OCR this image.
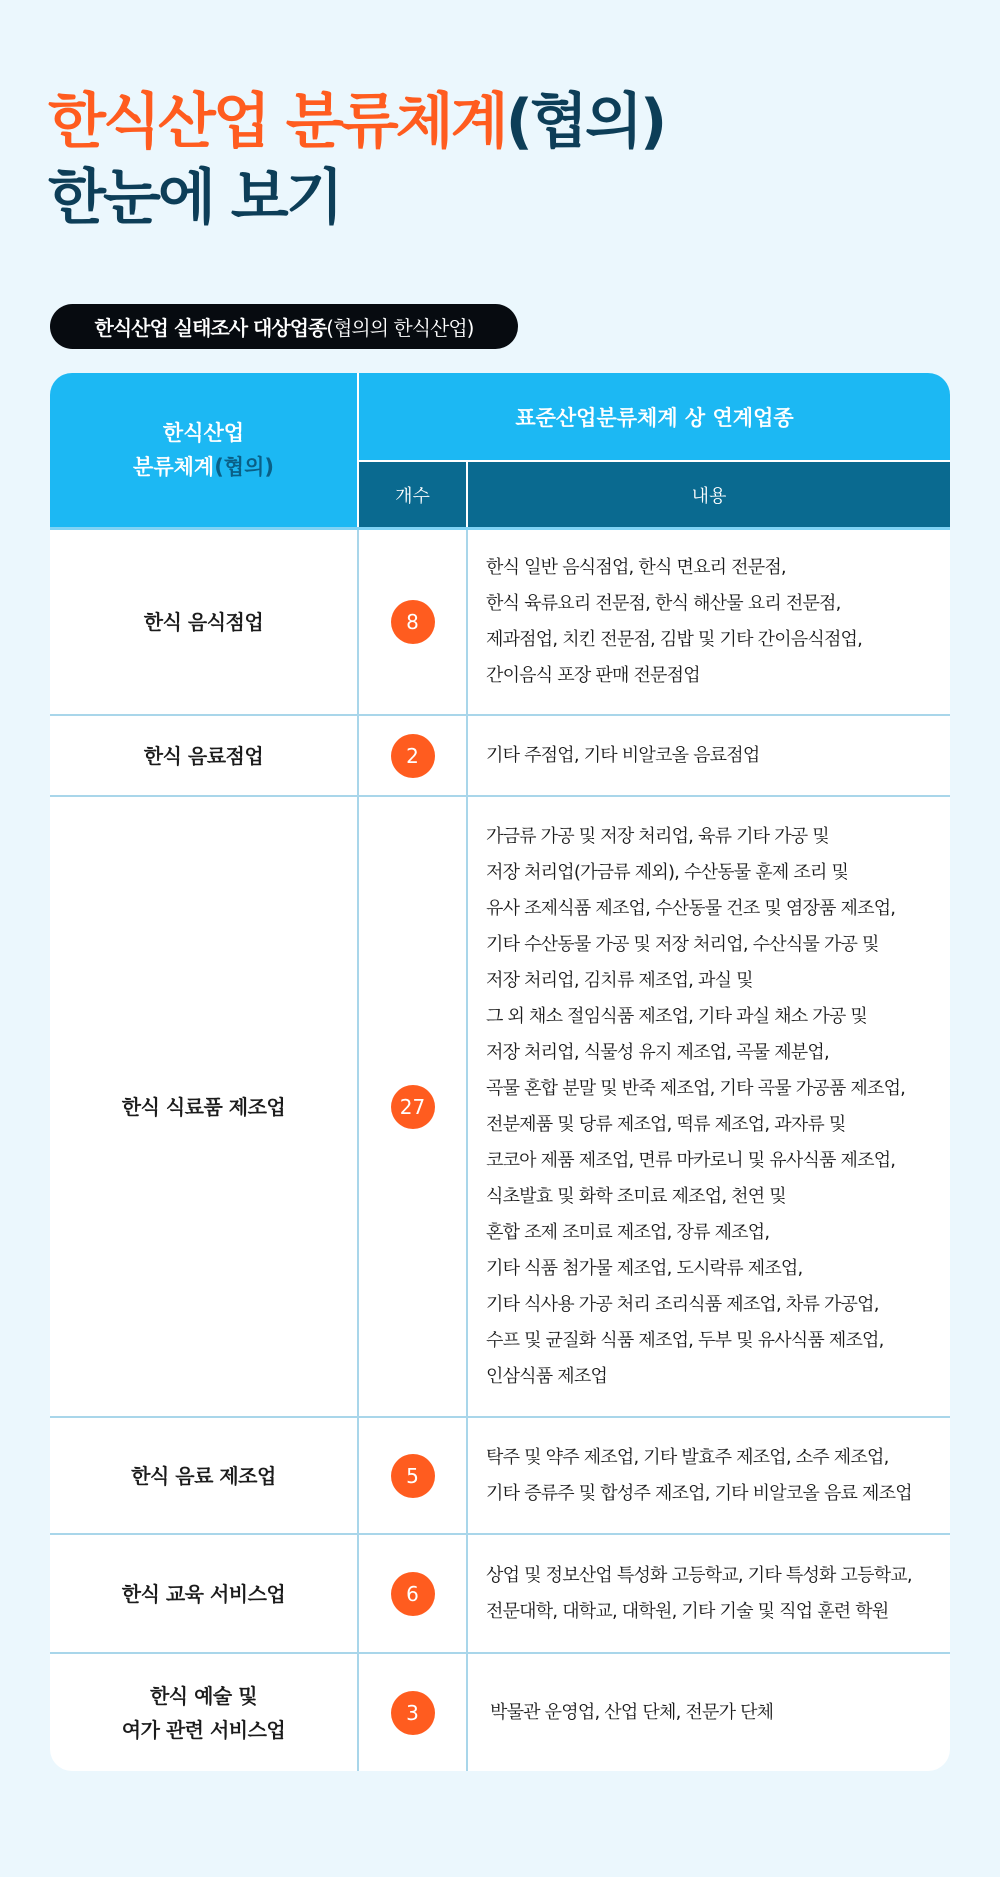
한식산업 분류체계(협의)
한눈에 보기
한식산업 실태조사 대상업종 (협의의 한식산업)
한식산업
분류체계(협의)
표준산업분류체계 상 연계업종
개수	내용
한식 음식점업	8
한식 일반 음식점업, 한식 면요리 전문점,
한식 육류요리 전문점, 한식 해산물 요리 전문점,
제과점업, 치킨 전문점, 김밥 및 기타 간이음식점업,
간이음식 포장 판매 전문점업
한식 음료점업	2	기타 주점업, 기타 비알코올 음료점업
한식 식료품 제조업	27
가금류 가공 및 저장 처리업, 육류 기타 가공 및
저장 처리업(가금류 제외), 수산동물 훈제 조리 및
유사 조제식품 제조업, 수산동물 건조 및 염장품 제조업,
기타 수산동물 가공 및 저장 처리업, 수산식물 가공 및
저장 처리업, 김치류 제조업, 과실 및
그 외 채소 절임식품 제조업, 기타 과실 채소 가공 및
저장 처리업, 식물성 유지 제조업, 곡물 제분업,
곡물 혼합 분말 및 반죽 제조업, 기타 곡물 가공품 제조업,
전분제품 및 당류 제조업, 떡류 제조업, 과자류 및
코코아 제품 제조업, 면류 마카로니 및 유사식품 제조업,
식초발효 및 화학 조미료 제조업, 천연 및
혼합 조제 조미료 제조업, 장류 제조업,
기타 식품 첨가물 제조업, 도시락류 제조업,
기타 식사용 가공 처리 조리식품 제조업, 차류 가공업,
수프 및 균질화 식품 제조업, 두부 및 유사식품 제조업,
인삼식품 제조업
한식 음료 제조업	5
탁주 및 약주 제조업, 기타 발효주 제조업, 소주 제조업,
기타 증류주 및 합성주 제조업, 기타 비알코올 음료 제조업
한식 교육 서비스업	6
상업 및 정보산업 특성화 고등학교, 기타 특성화 고등학교,
전문대학, 대학교, 대학원, 기타 기술 및 직업 훈련 학원
한식 예술 및
여가 관련 서비스업
3	박물관 운영업, 산업 단체, 전문가 단체
